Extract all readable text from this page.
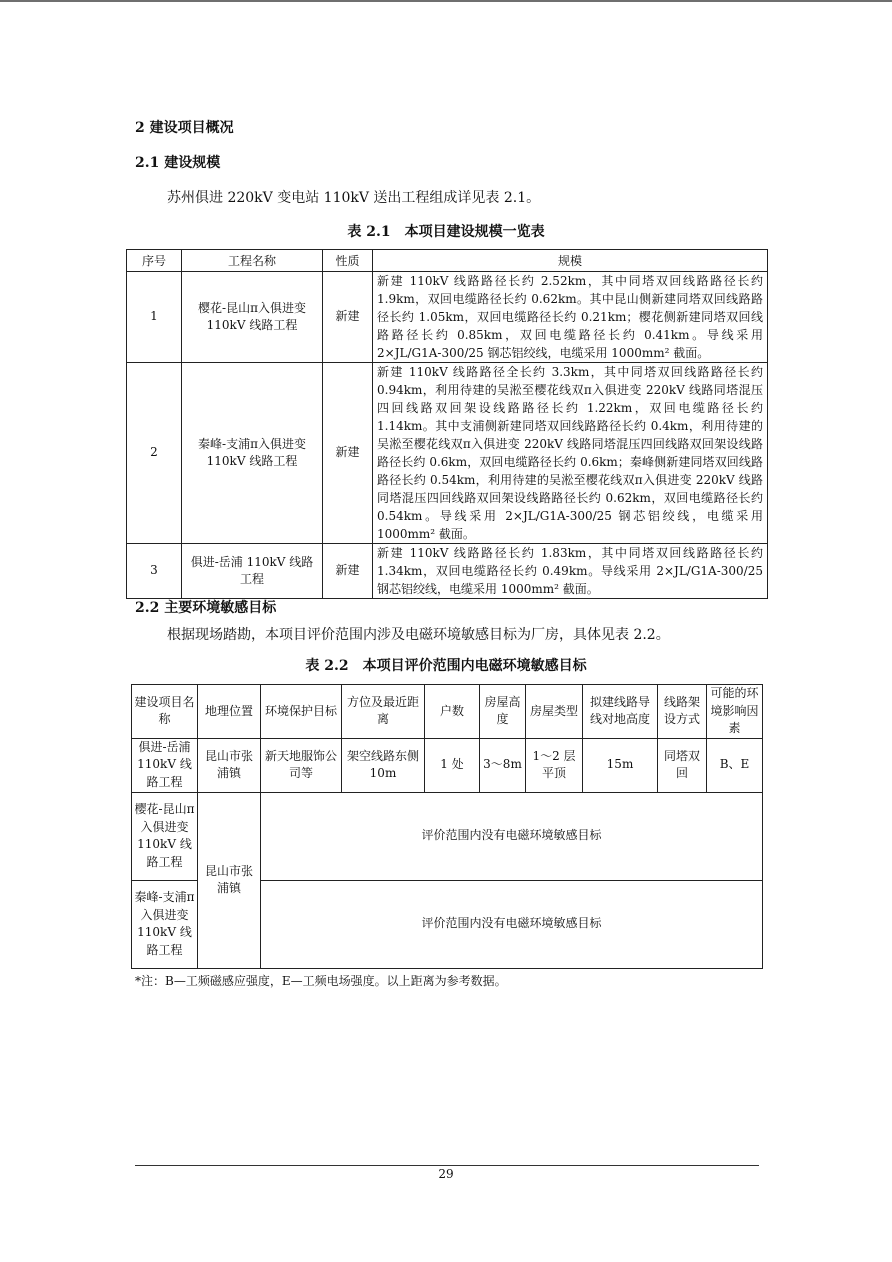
2 建设项目概况
2.1 建设规模
苏州俱进 220kV 变电站 110kV 送出工程组成详见表 2.1。
表 2.1　本项目建设规模一览表
序号	工程名称	性质	规模
1	樱花-昆山π入俱进变110kV 线路工程	新建	新建 110kV 线路路径长约 2.52km，其中同塔双回线路路径长约 1.9km，双回电缆路径长约 0.62km。其中昆山侧新建同塔双回线路路径长约 1.05km，双回电缆路径长约 0.21km；樱花侧新建同塔双回线路路径长约 0.85km，双回电缆路径长约 0.41km。导线采用 2×JL/G1A-300/25 钢芯铝绞线，电缆采用 1000mm² 截面。
2	秦峰-支浦π入俱进变110kV 线路工程	新建	新建 110kV 线路路径全长约 3.3km，其中同塔双回线路路径长约 0.94km，利用待建的吴淞至樱花线双π入俱进变 220kV 线路同塔混压四回线路双回架设线路路径长约 1.22km，双回电缆路径长约 1.14km。其中支浦侧新建同塔双回线路路径长约 0.4km，利用待建的吴淞至樱花线双π入俱进变 220kV 线路同塔混压四回线路双回架设线路路径长约 0.6km，双回电缆路径长约 0.6km；秦峰侧新建同塔双回线路路径长约 0.54km，利用待建的吴淞至樱花线双π入俱进变 220kV 线路同塔混压四回线路双回架设线路路径长约 0.62km，双回电缆路径长约 0.54km。导线采用 2×JL/G1A-300/25 钢芯铝绞线，电缆采用 1000mm² 截面。
3	俱进-岳浦 110kV 线路工程	新建	新建 110kV 线路路径长约 1.83km，其中同塔双回线路路径长约 1.34km，双回电缆路径长约 0.49km。导线采用 2×JL/G1A-300/25 钢芯铝绞线，电缆采用 1000mm² 截面。
2.2 主要环境敏感目标
根据现场踏勘，本项目评价范围内涉及电磁环境敏感目标为厂房，具体见表 2.2。
表 2.2　本项目评价范围内电磁环境敏感目标
建设项目名称	地理位置	环境保护目标	方位及最近距离	户数	房屋高度	房屋类型	拟建线路导线对地高度	线路架设方式	可能的环境影响因素
俱进-岳浦 110kV 线路工程	昆山市张浦镇	新天地服饰公司等	架空线路东侧 10m	1 处	3～8m	1～2 层平顶	15m	同塔双回	B、E
樱花-昆山π入俱进变 110kV 线路工程	昆山市张浦镇	评价范围内没有电磁环境敏感目标							
秦峰-支浦π入俱进变 110kV 线路工程		评价范围内没有电磁环境敏感目标							
*注：B—工频磁感应强度，E—工频电场强度。以上距离为参考数据。
29
